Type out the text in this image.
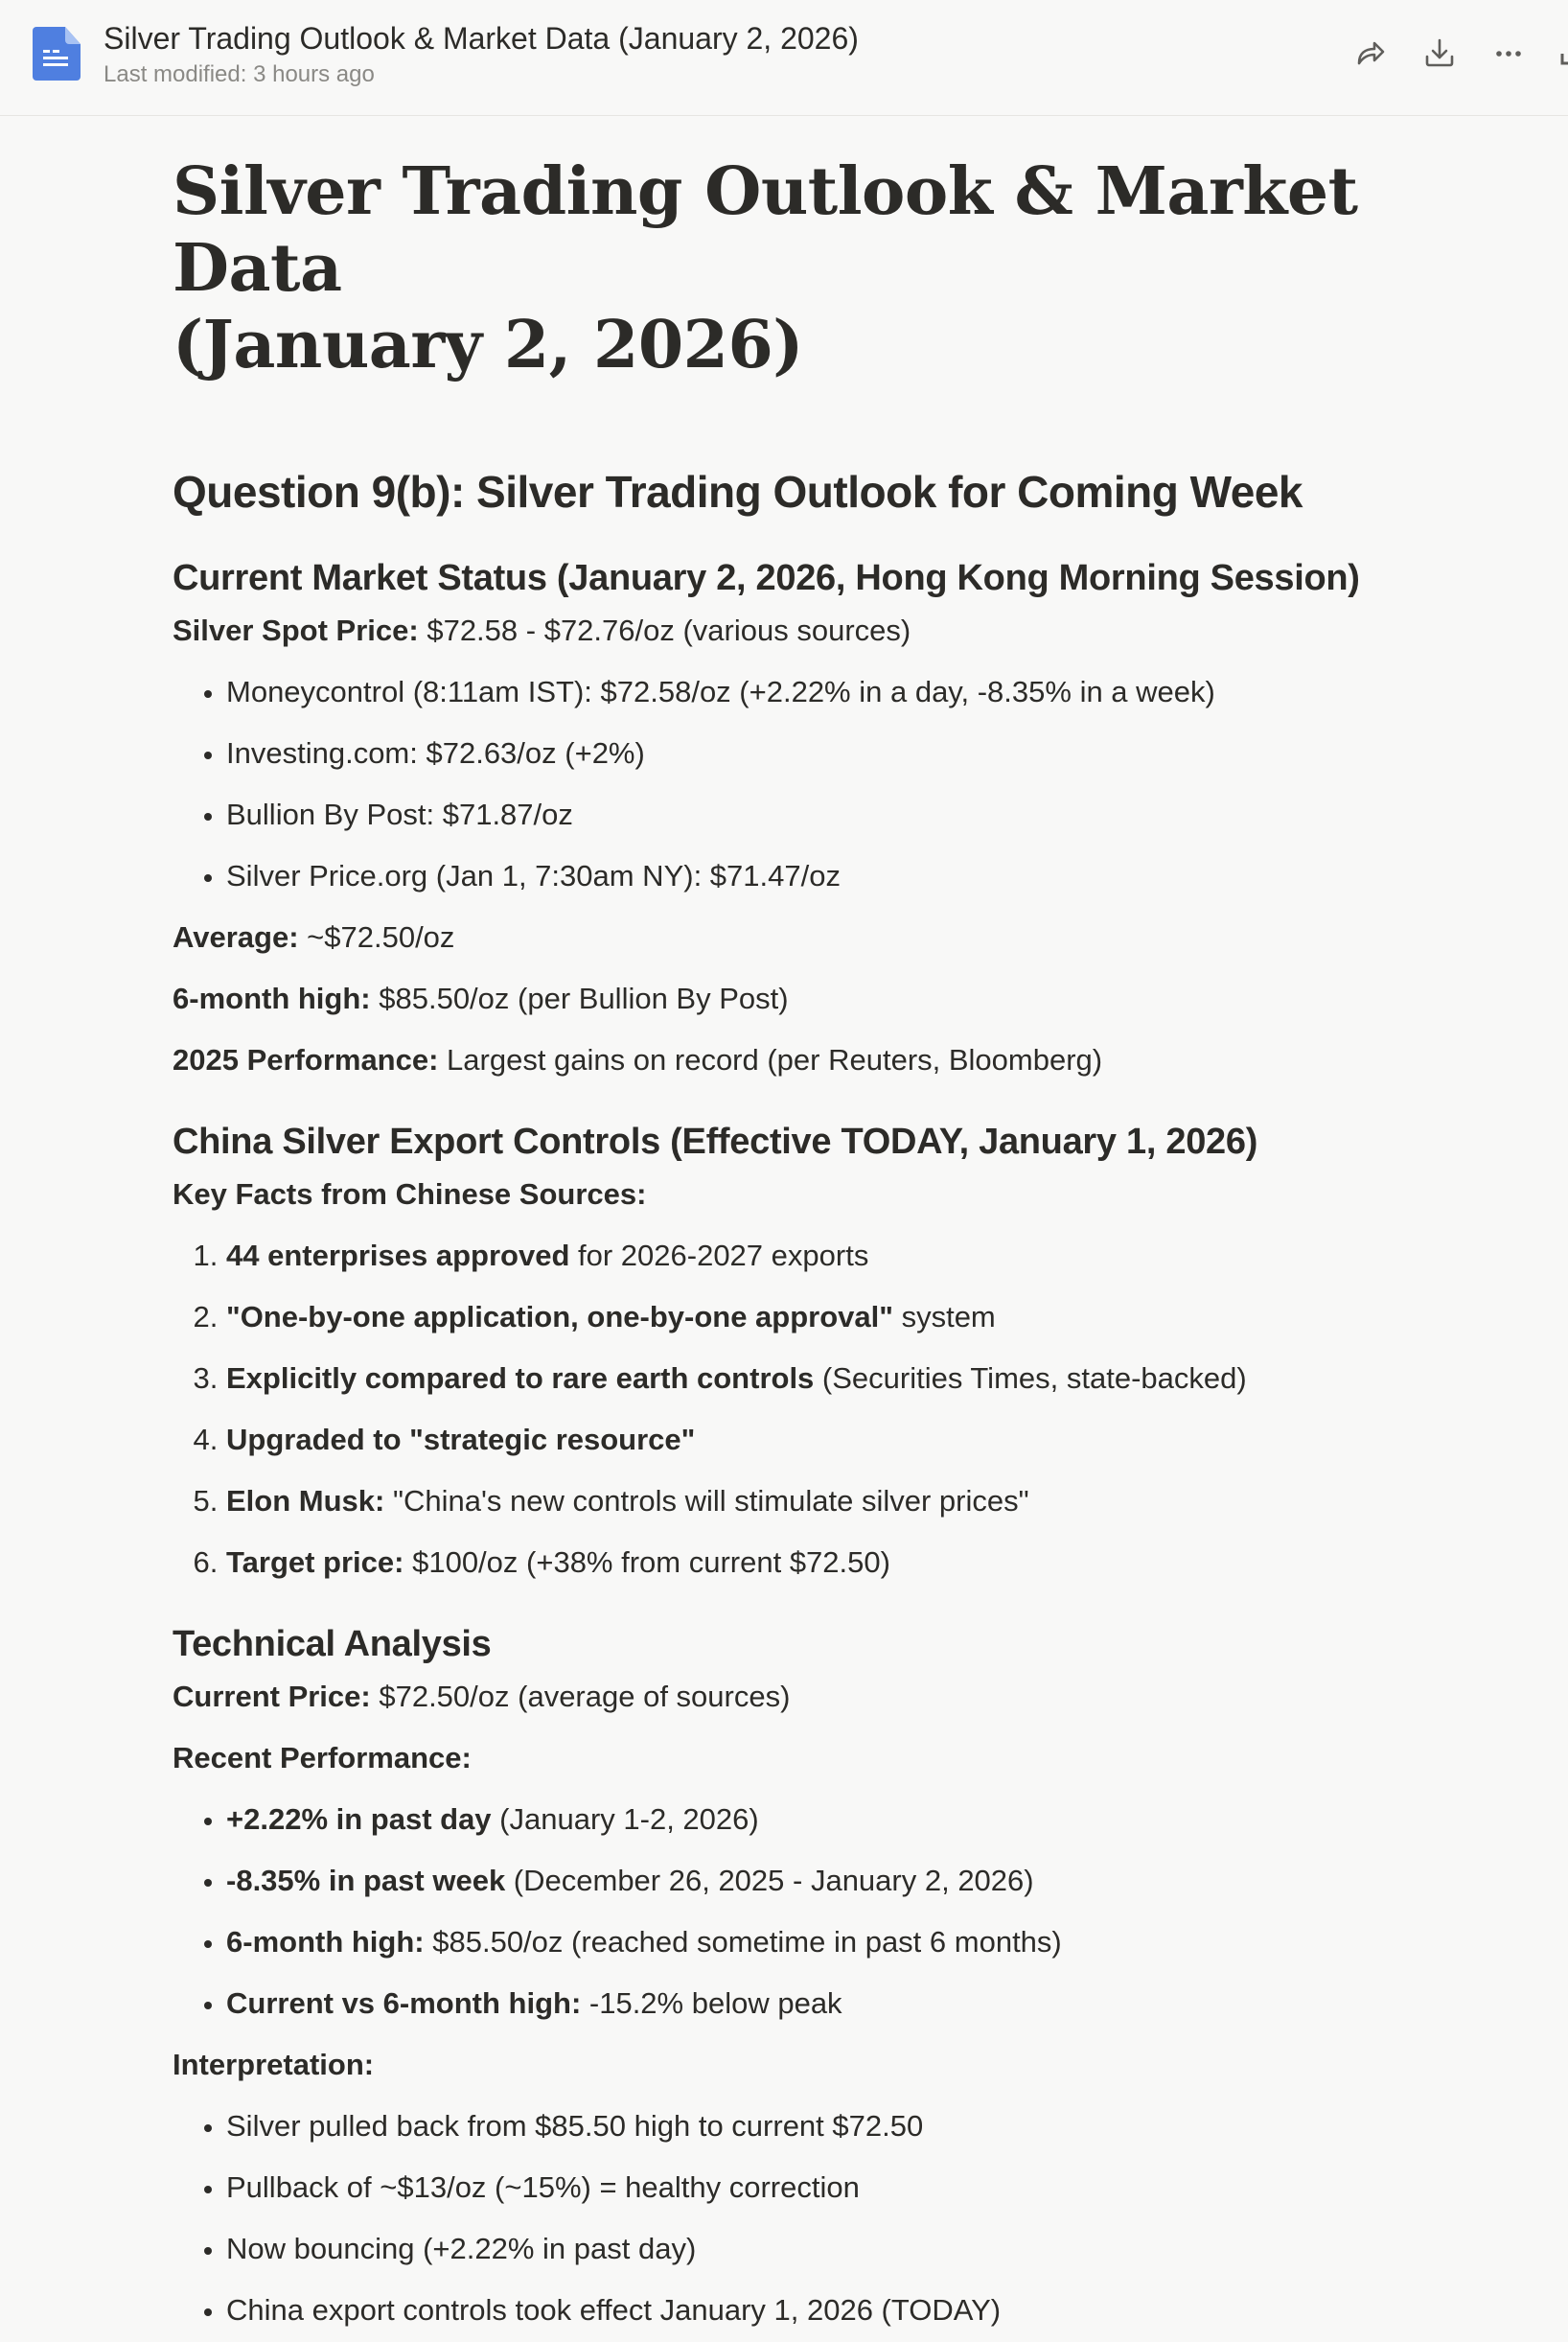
Silver Trading Outlook & Market Data (January 2, 2026)
Last modified: 3 hours ago
Silver Trading Outlook & Market Data
(January 2, 2026)
Question 9(b): Silver Trading Outlook for Coming Week
Current Market Status (January 2, 2026, Hong Kong Morning Session)

Silver Spot Price: $72.58 - $72.76/oz (various sources)

• Moneycontrol (8:11am IST): $72.58/oz (+2.22% in a day, -8.35% in a week)
• Investing.com: $72.63/oz (+2%)
• Bullion By Post: $71.87/oz
• Silver Price.org (Jan 1, 7:30am NY): $71.47/oz

Average: ~$72.50/oz

6-month high: $85.50/oz (per Bullion By Post)

2025 Performance: Largest gains on record (per Reuters, Bloomberg)

China Silver Export Controls (Effective TODAY, January 1, 2026)

Key Facts from Chinese Sources:

1. 44 enterprises approved for 2026-2027 exports
2. "One-by-one application, one-by-one approval" system
3. Explicitly compared to rare earth controls (Securities Times, state-backed)
4. Upgraded to "strategic resource"
5. Elon Musk: "China's new controls will stimulate silver prices"
6. Target price: $100/oz (+38% from current $72.50)
Technical Analysis

Current Price: $72.50/oz (average of sources)

Recent Performance:

• +2.22% in past day (January 1-2, 2026)
• -8.35% in past week (December 26, 2025 - January 2, 2026)
• 6-month high: $85.50/oz (reached sometime in past 6 months)
• Current vs 6-month high: -15.2% below peak

Interpretation:

• Silver pulled back from $85.50 high to current $72.50
• Pullback of ~$13/oz (~15%) = healthy correction
• Now bouncing (+2.22% in past day)
• China export controls took effect January 1, 2026 (TODAY)
